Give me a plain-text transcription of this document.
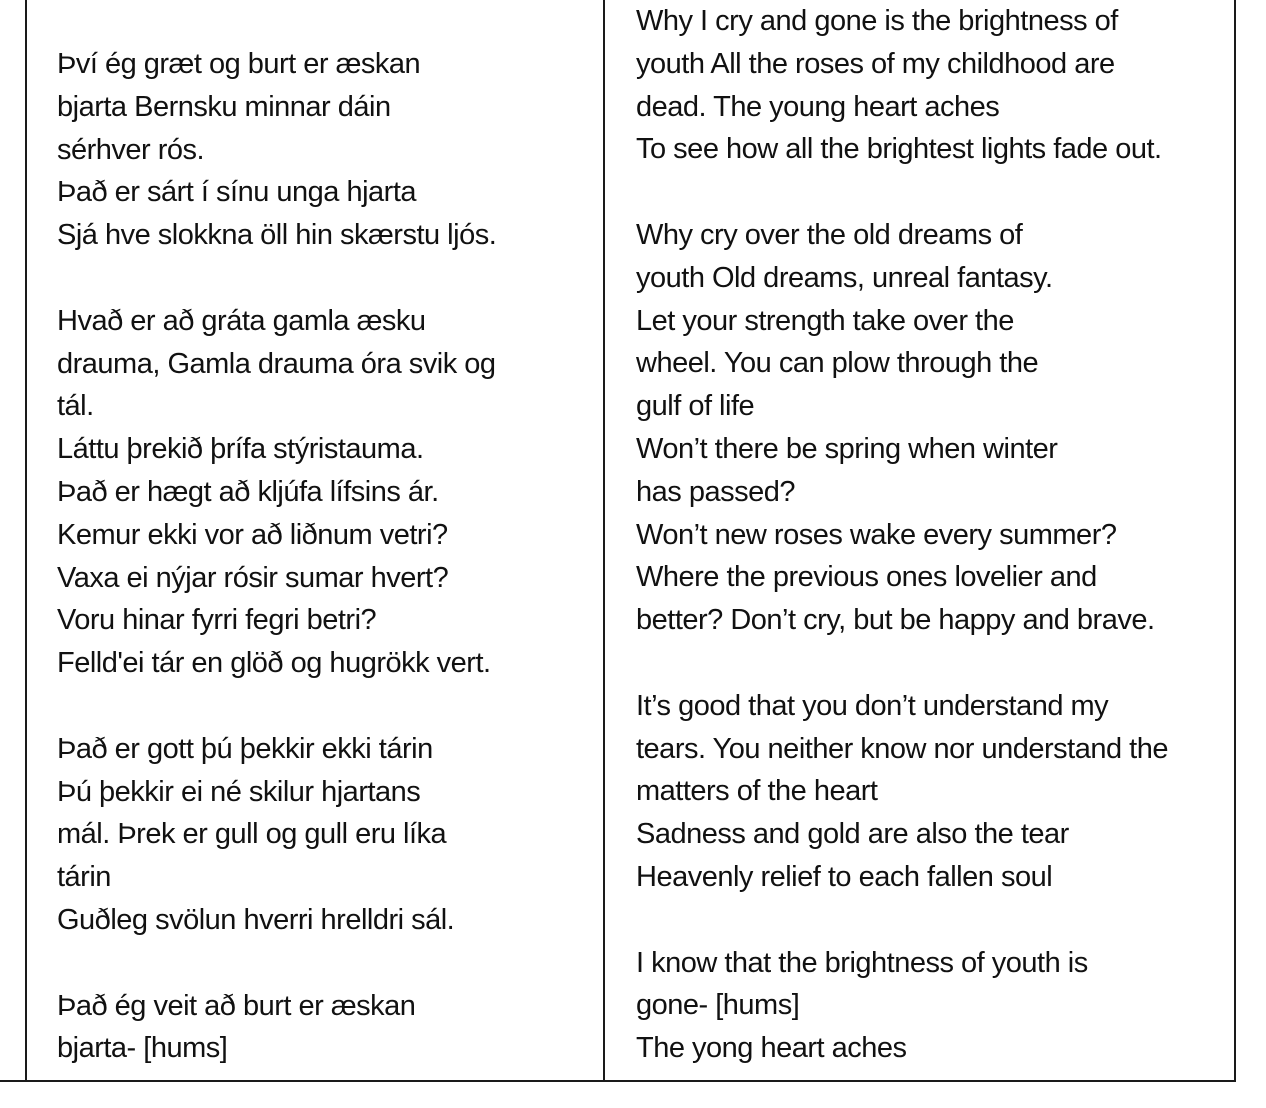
Því ég græt og burt er æskan
bjarta Bernsku minnar dáin
sérhver rós.
Það er sárt í sínu unga hjarta
Sjá hve slokkna öll hin skærstu ljós.
Hvað er að gráta gamla æsku
drauma, Gamla drauma óra svik og
tál.
Láttu þrekið þrífa stýristauma.
Það er hægt að kljúfa lífsins ár.
Kemur ekki vor að liðnum vetri?
Vaxa ei nýjar rósir sumar hvert?
Voru hinar fyrri fegri betri?
Felld'ei tár en glöð og hugrökk vert.
Það er gott þú þekkir ekki tárin
Þú þekkir ei né skilur hjartans
mál. Þrek er gull og gull eru líka
tárin
Guðleg svölun hverri hrelldri sál.
Það ég veit að burt er æskan
bjarta- [hums]
Why I cry and gone is the brightness of
youth All the roses of my childhood are
dead. The young heart aches
To see how all the brightest lights fade out.
Why cry over the old dreams of
youth Old dreams, unreal fantasy.
Let your strength take over the
wheel. You can plow through the
gulf of life
Won’t there be spring when winter
has passed?
Won’t new roses wake every summer?
Where the previous ones lovelier and
better? Don’t cry, but be happy and brave.
It’s good that you don’t understand my
tears. You neither know nor understand the
matters of the heart
Sadness and gold are also the tear
Heavenly relief to each fallen soul
I know that the brightness of youth is
gone- [hums]
The yong heart aches
